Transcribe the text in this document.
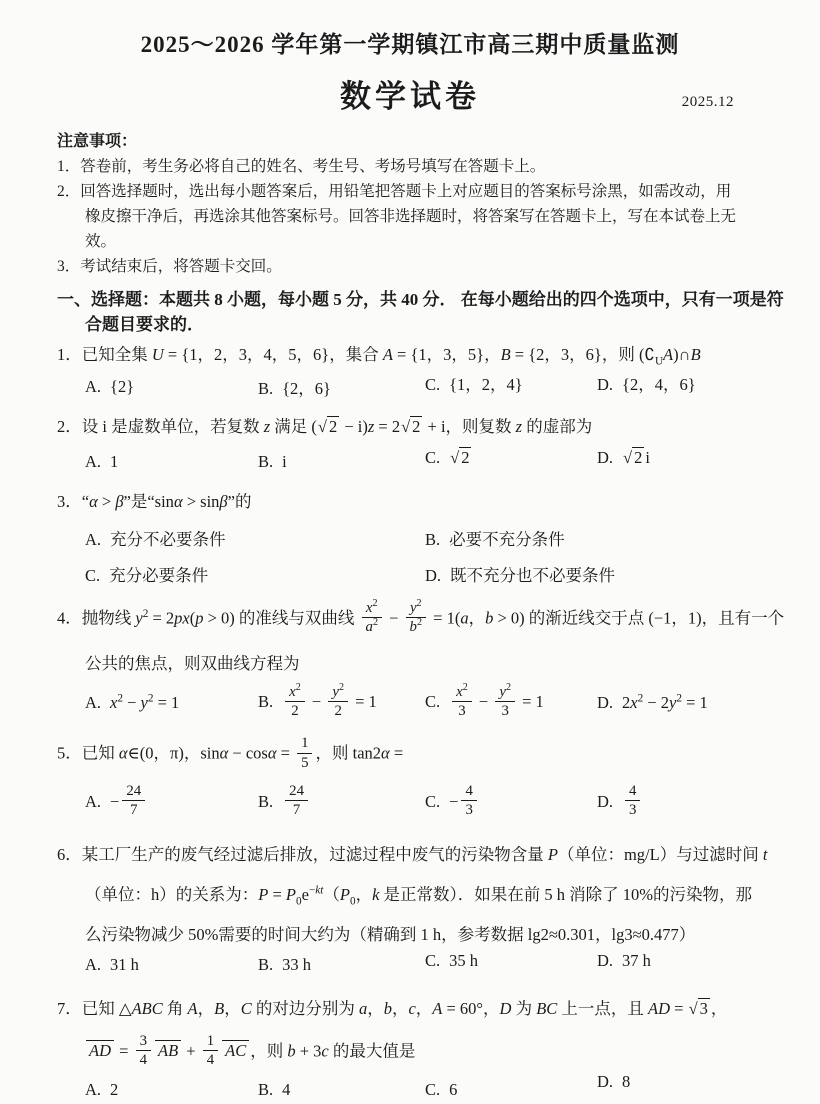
2025～2026 学年第一学期镇江市高三期中质量监测
数学试卷	2025.12
注意事项：
1．答卷前，考生务必将自己的姓名、考生号、考场号填写在答题卡上。
2．回答选择题时，选出每小题答案后，用铅笔把答题卡上对应题目的答案标号涂黑，如需改动，用
橡皮擦干净后，再选涂其他答案标号。回答非选择题时，将答案写在答题卡上，写在本试卷上无
效。
3．考试结束后，将答题卡交回。
一、选择题：本题共 8 小题，每小题 5 分，共 40 分． 在每小题给出的四个选项中，只有一项是符
合题目要求的．
1．已知全集 U = {1，2，3，4，5，6}，集合 A = {1，3，5}，B = {2，3，6}，则 $(∁_UA)\cap B$
A. {2}	B. {2，6}	C. {1，2，4}	D. {2，4，6}
2．设 i 是虚数单位，若复数 z 满足 (√ 2 − i)z = 2√ 2 + i，则复数 z 的虚部为
A. 1	B. i	C. √ 2	D. √ 2 i
3．“α > β”是“sinα > sinβ”的
A. 充分不必要条件	B. 必要不充分条件
C. 充分必要条件	D. 既不充分也不必要条件
4．抛物线 $y^2 = 2px(p > 0)$ 的准线与双曲线 $\frac{x^2}{a^2} - \frac{y^2}{b^2} = 1(a$，b > 0) 的渐近线交于点 (−1，1)，且有一个
公共的焦点，则双曲线方程为
A. $x^2 - y^2 = 1$	B. $\frac{x^2}{2} - \frac{y^2}{2} = 1$	C. $\frac{x^2}{3} - \frac{y^2}{3} = 1$	D. $2x^2 - 2y^2 = 1$
5．已知 α∈(0，π)，$\sin\alpha - \cos\alpha = \frac{1}{5}$ ，则 tan2α =
A. − $\frac{24}{7}$	B. $\frac{24}{7}$	C. − $\frac{4}{3}$	D. $\frac{4}{3}$
6．某工厂生产的废气经过滤后排放，过滤过程中废气的污染物含量 P（单位：mg/L）与过滤时间 t
（单位：h）的关系为：$P = P_0e^{-kt}(P_0$，k 是正常数）．如果在前 5 h 消除了 10%的污染物，那
么污染物减少 50%需要的时间大约为（精确到 1 h，参考数据 lg2≈0.301，lg3≈0.477）
A. 31 h	B. 33 h	C. 35 h	D. 37 h
7．已知 △ABC 角 A，B，C 的对边分别为 a，b，c，A = 60°，D 为 BC 上一点，且 AD = √ 3 ，
AD = $\frac{3}{4}$ AB + $\frac{1}{4}$ AC ，则 b + 3c 的最大值是
A. 2	B. 4	C. 6	D. 8
